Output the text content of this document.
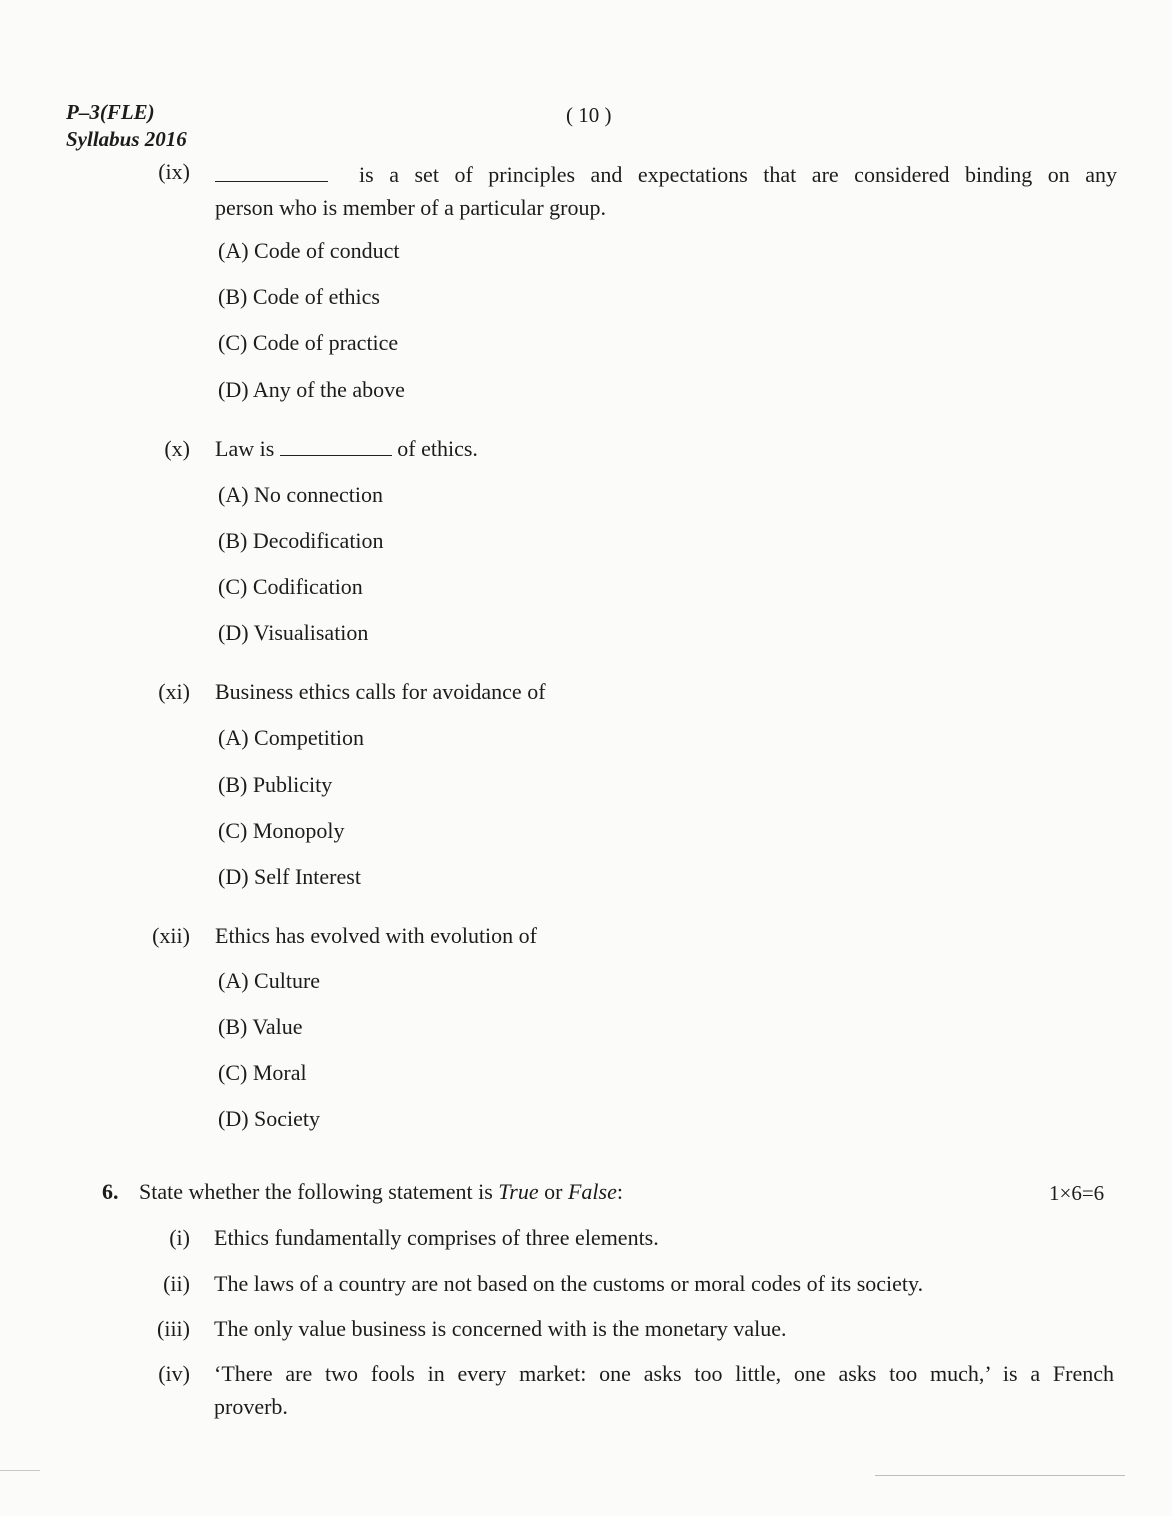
P–3(FLE)
Syllabus 2016
( 10 )
(ix)	is a set of principles and expectations that are considered binding on any
person who is member of a particular group.
(A) Code of conduct
(B) Code of ethics
(C) Code of practice
(D) Any of the above
(x) Law is	of ethics.
(A) No connection
(B) Decodification
(C) Codification
(D) Visualisation
(xi) Business ethics calls for avoidance of
(A) Competition
(B) Publicity
(C) Monopoly
(D) Self Interest
(xii) Ethics has evolved with evolution of
(A) Culture
(B) Value
(C) Moral
(D) Society
6. State whether the following statement is True or False:	1×6=6
(i) Ethics fundamentally comprises of three elements.
(ii) The laws of a country are not based on the customs or moral codes of its society.
(iii) The only value business is concerned with is the monetary value.
(iv) ‘There are two fools in every market: one asks too little, one asks too much,’ is a French
proverb.
